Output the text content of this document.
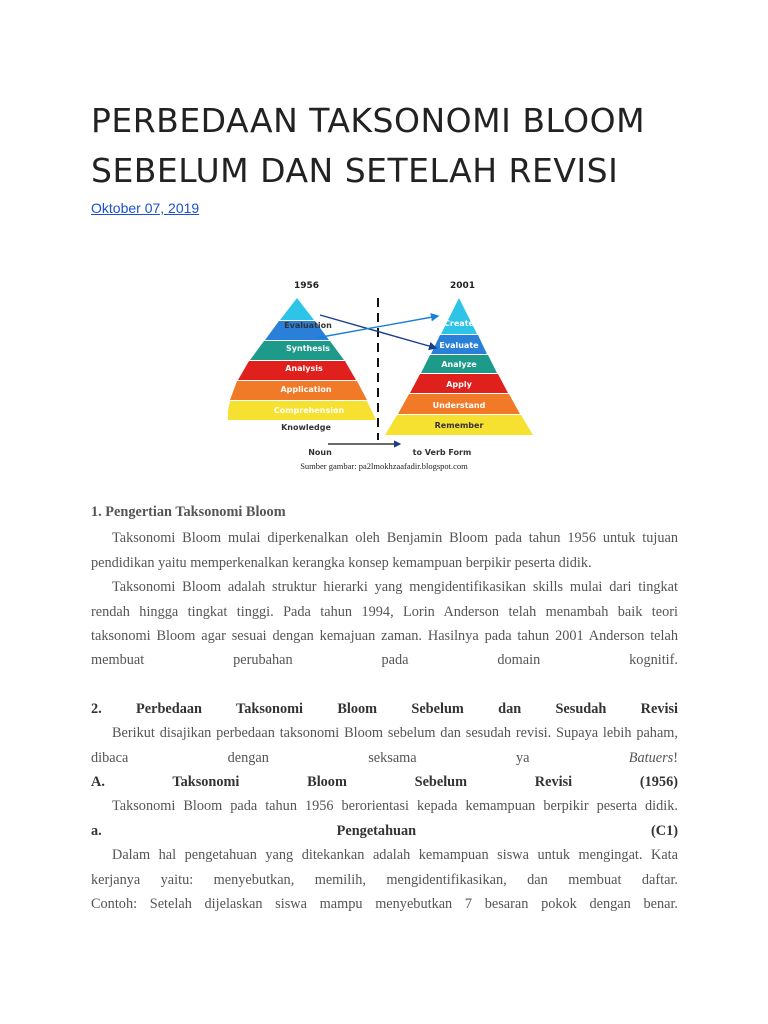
PERBEDAAN TAKSONOMI BLOOM
SEBELUM DAN SETELAH REVISI
Oktober 07, 2019
1956	2001
Evaluation
Synthesis
Analysis
Application
Comprehension
Knowledge
Create
Evaluate
Analyze
Apply
Understand
Remember
Noun	to Verb Form
Sumber gambar: pa2lmokhzaafadir.blogspot.com

1. Pengertian Taksonomi Bloom

Taksonomi Bloom mulai diperkenalkan oleh Benjamin Bloom pada tahun 1956 untuk tujuan

pendidikan yaitu memperkenalkan kerangka konsep kemampuan berpikir peserta didik.

Taksonomi Bloom adalah struktur hierarki yang mengidentifikasikan skills mulai dari tingkat

rendah hingga tingkat tinggi. Pada tahun 1994, Lorin Anderson telah menambah baik teori

taksonomi Bloom agar sesuai dengan kemajuan zaman. Hasilnya pada tahun 2001 Anderson telah

membuat perubahan pada domain kognitif.

2. Perbedaan Taksonomi Bloom Sebelum dan Sesudah Revisi

Berikut disajikan perbedaan taksonomi Bloom sebelum dan sesudah revisi. Supaya lebih paham,

dibaca dengan seksama ya	Batuers!

A. Taksonomi Bloom Sebelum Revisi (1956)

Taksonomi Bloom pada tahun 1956 berorientasi kepada kemampuan berpikir peserta didik.

a. Pengetahuan (C1)

Dalam hal pengetahuan yang ditekankan adalah kemampuan siswa untuk mengingat. Kata

kerjanya yaitu: menyebutkan, memilih, mengidentifikasikan, dan membuat daftar.

Contoh: Setelah dijelaskan siswa mampu menyebutkan 7 besaran pokok dengan benar.
